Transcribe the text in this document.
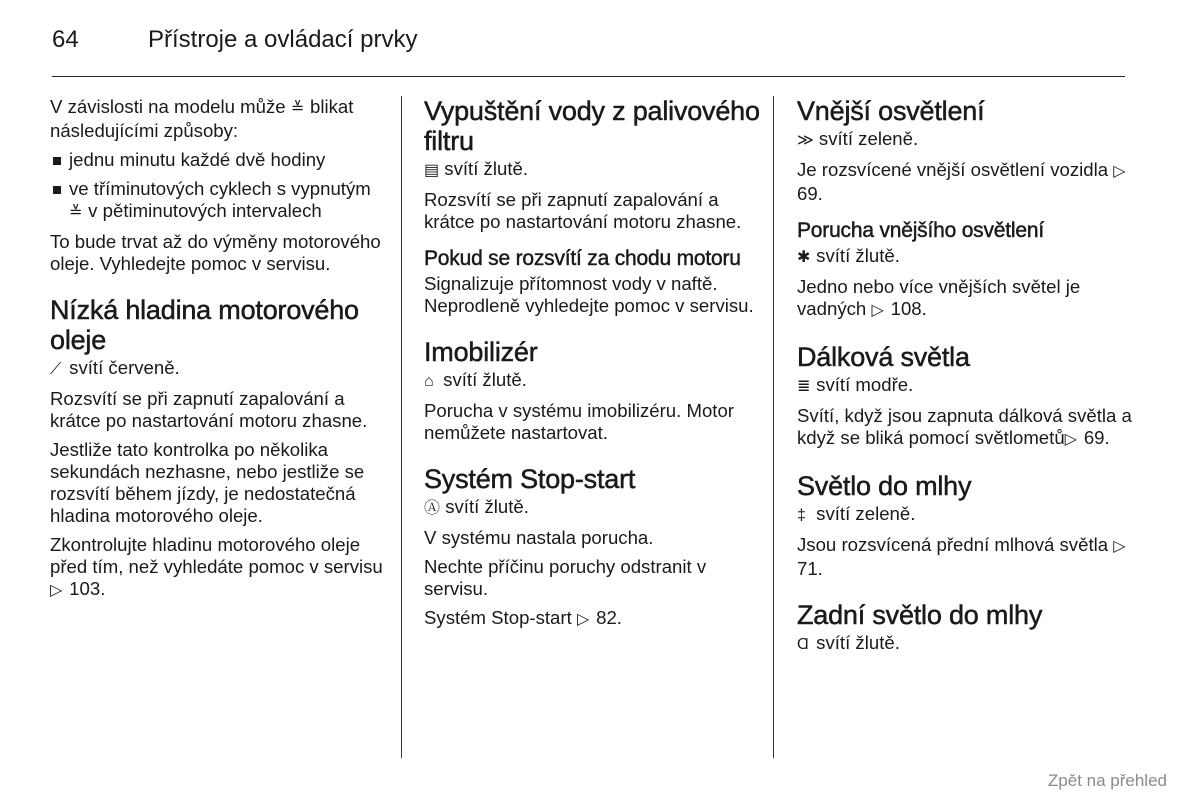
64	Přístroje a ovládací prvky

V závislosti na modelu může ≚ blikat následujícími způsoby:

jednu minutu každé dvě hodiny
ve tříminutových cyklech s vypnutým ≚ v pětiminutových intervalech

To bude trvat až do výměny motorového oleje. Vyhledejte pomoc v servisu.

Nízká hladina motorového oleje

⟋ svítí červeně.

Rozsvítí se při zapnutí zapalování a krátce po nastartování motoru zhasne.

Jestliže tato kontrolka po několika sekundách nezhasne, nebo jestliže se rozsvítí během jízdy, je nedostatečná hladina motorového oleje.

Zkontrolujte hladinu motorového oleje před tím, než vyhledáte pomoc v servisu ▷ 103.

Vypuštění vody z palivového filtru

▤ svítí žlutě.

Rozsvítí se při zapnutí zapalování a krátce po nastartování motoru zhasne.

Pokud se rozsvítí za chodu motoru

Signalizuje přítomnost vody v naftě. Neprodleně vyhledejte pomoc v servisu.

Imobilizér

⌂ svítí žlutě.

Porucha v systému imobilizéru. Motor nemůžete nastartovat.

Systém Stop-start

Ⓐ svítí žlutě.

V systému nastala porucha.

Nechte příčinu poruchy odstranit v servisu.

Systém Stop-start ▷ 82.

Vnější osvětlení

≫ svítí zeleně.

Je rozsvícené vnější osvětlení vozidla ▷ 69.

Porucha vnějšího osvětlení

✱ svítí žlutě.

Jedno nebo více vnějších světel je vadných ▷ 108.

Dálková světla

≣ svítí modře.

Svítí, když jsou zapnuta dálková světla a když se bliká pomocí světlometů▷ 69.

Světlo do mlhy

‡ svítí zeleně.

Jsou rozsvícená přední mlhová světla ▷ 71.

Zadní světlo do mlhy

Ɑ svítí žlutě.

Zpět na přehled
